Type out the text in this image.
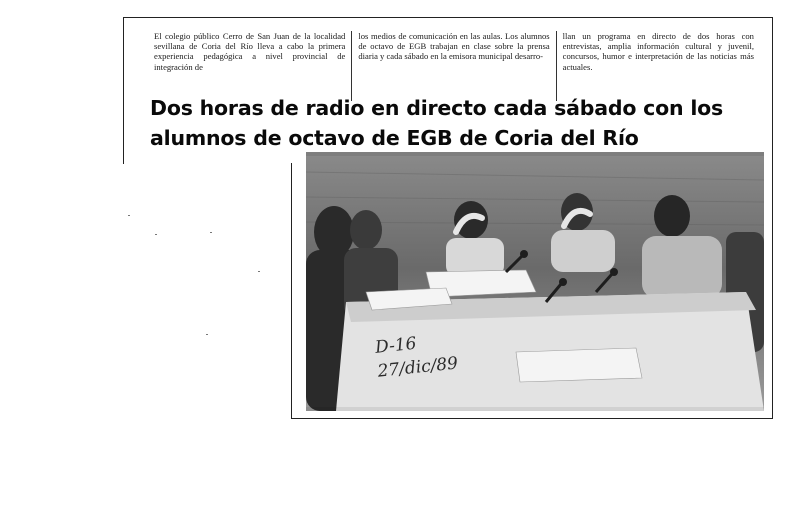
El colegio público Cerro de San Juan de la localidad sevillana de Coria del Río lleva a cabo la primera experiencia pedagógica a nivel provincial de integración de
los medios de comunicación en las aulas. Los alumnos de octavo de EGB trabajan en clase sobre la prensa diaria y cada sábado en la emisora municipal desarro-
llan un programa en directo de dos horas con entrevistas, amplia información cultural y juvenil, concursos, humor e interpretación de las noticias más actuales.
Dos horas de radio en directo cada sábado con los alumnos de octavo de EGB de Coria del Río
D-16
27/dic/89
